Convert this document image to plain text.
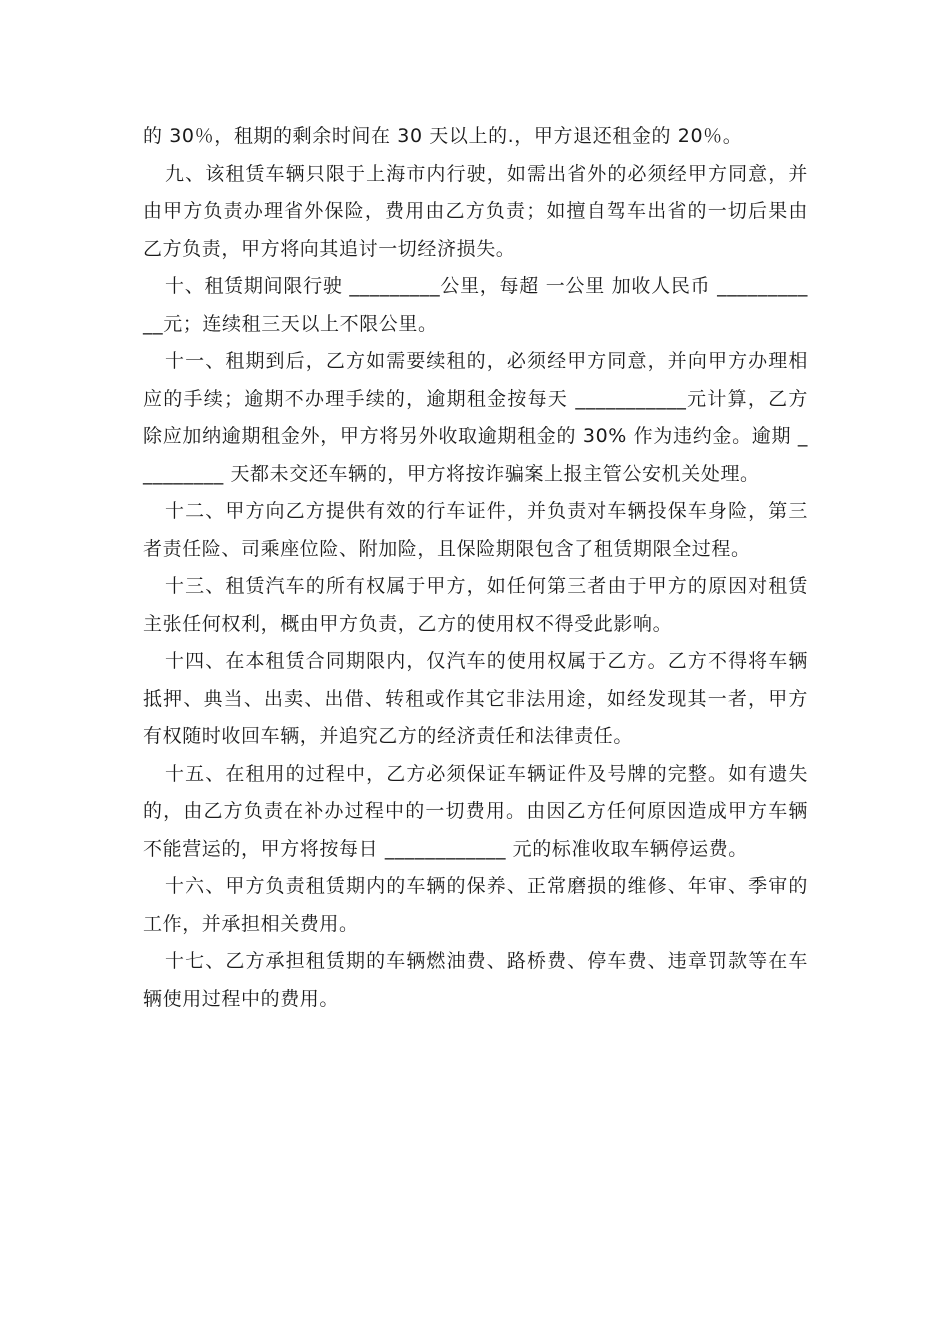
的 30％，租期的剩余时间在 30 天以上的.，甲方退还租金的 20％。

九、该租赁车辆只限于上海市内行驶，如需出省外的必须经甲方同意，并由甲方负责办理省外保险，费用由乙方负责；如擅自驾车出省的一切后果由乙方负责，甲方将向其追讨一切经济损失。

十、租赁期间限行驶 _________公里，每超 一公里 加收人民币 ___________元；连续租三天以上不限公里。

十一、租期到后，乙方如需要续租的，必须经甲方同意，并向甲方办理相应的手续；逾期不办理手续的，逾期租金按每天 ___________元计算，乙方除应加纳逾期租金外，甲方将另外收取逾期租金的 30% 作为违约金。逾期 _________ 天都未交还车辆的，甲方将按诈骗案上报主管公安机关处理。

十二、甲方向乙方提供有效的行车证件，并负责对车辆投保车身险，第三者责任险、司乘座位险、附加险，且保险期限包含了租赁期限全过程。

十三、租赁汽车的所有权属于甲方，如任何第三者由于甲方的原因对租赁主张任何权利，概由甲方负责，乙方的使用权不得受此影响。

十四、在本租赁合同期限内，仅汽车的使用权属于乙方。乙方不得将车辆抵押、典当、出卖、出借、转租或作其它非法用途，如经发现其一者，甲方有权随时收回车辆，并追究乙方的经济责任和法律责任。

十五、在租用的过程中，乙方必须保证车辆证件及号牌的完整。如有遗失的，由乙方负责在补办过程中的一切费用。由因乙方任何原因造成甲方车辆不能营运的，甲方将按每日 ____________ 元的标准收取车辆停运费。

十六、甲方负责租赁期内的车辆的保养、正常磨损的维修、年审、季审的工作，并承担相关费用。

十七、乙方承担租赁期的车辆燃油费、路桥费、停车费、违章罚款等在车辆使用过程中的费用。
